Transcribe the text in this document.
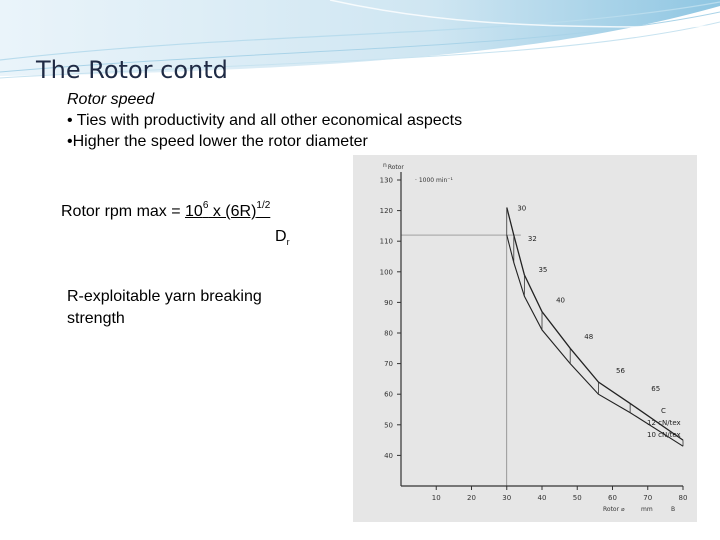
The Rotor contd
Rotor speed
• Ties with productivity and all other economical aspects
•Higher the speed lower the rotor diameter
Rotor rpm $\max = 10^6$ x $(6R)^{1/2}$
$D_r$
R-exploitable yarn breaking
strength
40
50
60
70
80
90
100
110
120
130
10	20	30	40	50	60	70	80
30
32
35
40
48
56
65
nRotor
· 1000 min⁻¹
Rotor ⌀	mm	B
C
12 cN/tex
10 cN/tex
